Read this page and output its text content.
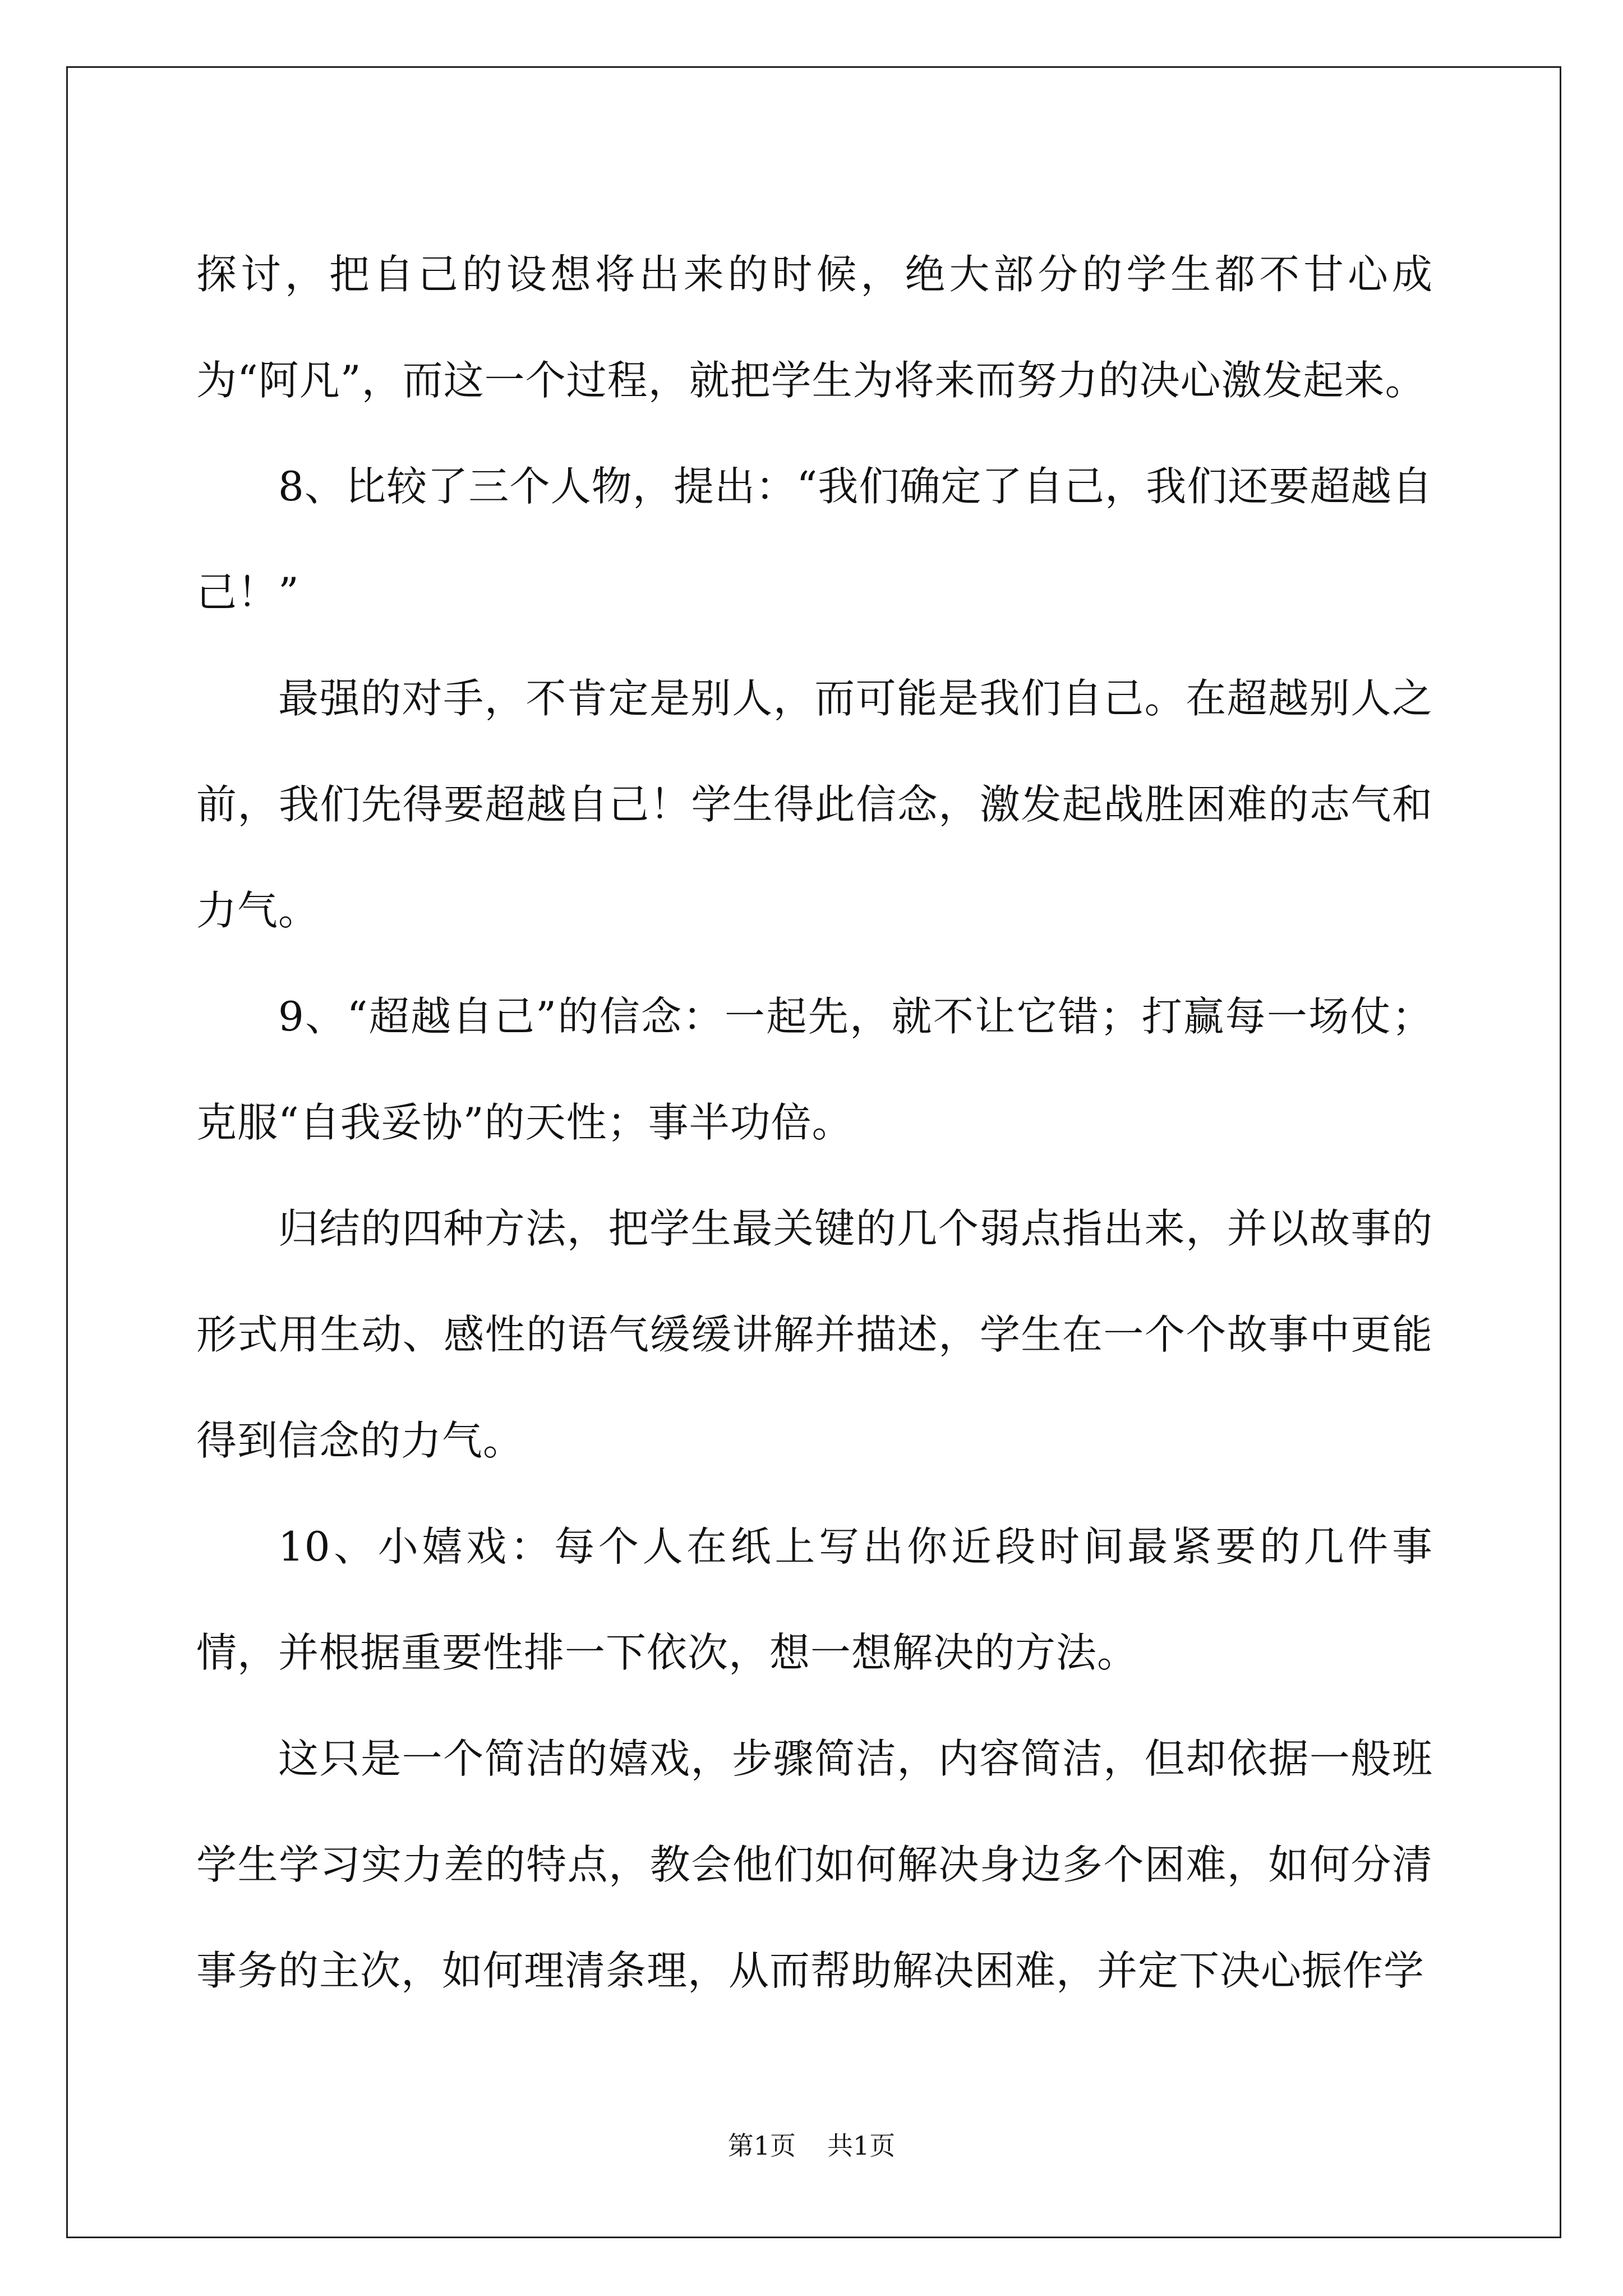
探讨，把自己的设想将出来的时候，绝大部分的学生都不甘心成为“阿凡”，而这一个过程，就把学生为将来而努力的决心激发起来。

8、比较了三个人物，提出：“我们确定了自己，我们还要超越自己！”

最强的对手，不肯定是别人，而可能是我们自己。在超越别人之前，我们先得要超越自己！学生得此信念，激发起战胜困难的志气和力气。

9、“超越自己”的信念：一起先，就不让它错；打赢每一场仗；克服“自我妥协”的天性；事半功倍。

归结的四种方法，把学生最关键的几个弱点指出来，并以故事的形式用生动、感性的语气缓缓讲解并描述，学生在一个个故事中更能得到信念的力气。

10、小嬉戏：每个人在纸上写出你近段时间最紧要的几件事情，并根据重要性排一下依次，想一想解决的方法。

这只是一个简洁的嬉戏，步骤简洁，内容简洁，但却依据一般班学生学习实力差的特点，教会他们如何解决身边多个困难，如何分清事务的主次，如何理清条理，从而帮助解决困难，并定下决心振作学

第1页 共1页
